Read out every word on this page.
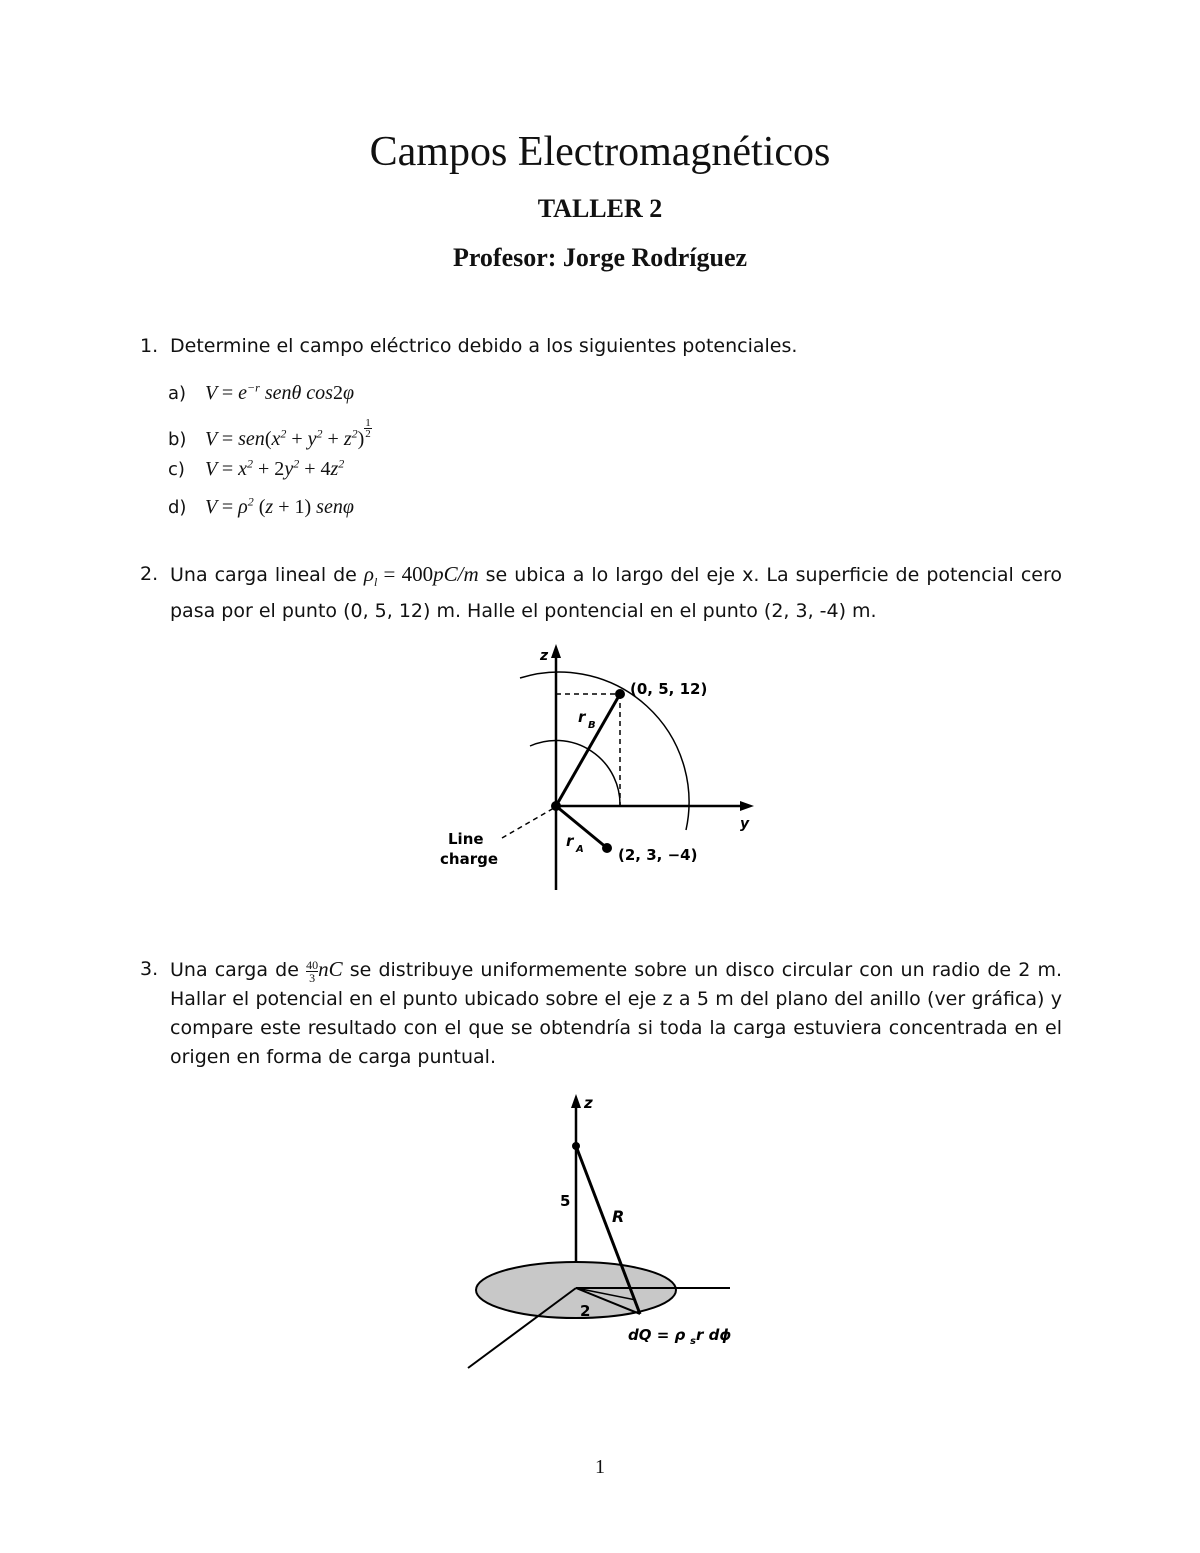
Campos Electromagnéticos
TALLER 2
Profesor: Jorge Rodríguez
1. Determine el campo eléctrico debido a los siguientes potenciales.
a) $V = e^{-r}$ senθ cos2φ
b) $V = sen(x^2 + y^2 + z^2) \frac{1}{2}$
c) $V = x^2 + 2y^2 + 4z^2$
d) $V = \rho^2$ (z + 1) senφ
2. Una carga lineal de $\rho_l = 400pC/m$ se ubica a lo largo del eje x. La superficie de potencial cero pasa por el punto (0, 5, 12) m. Halle el pontencial en el punto (2, 3, -4) m.
z
y
(0, 5, 12)
(2, 3, −4)
r B
r A
Line
charge
3. Una carga de $\frac{40}{3}nC$ se distribuye uniformemente sobre un disco circular con un radio de 2 m. Hallar el potencial en el punto ubicado sobre el eje z a 5 m del plano del anillo (ver gráfica) y compare este resultado con el que se obtendría si toda la carga estuviera concentrada en el origen en forma de carga puntual.
z
5
R
2
dQ = ρ s r dϕ
1
